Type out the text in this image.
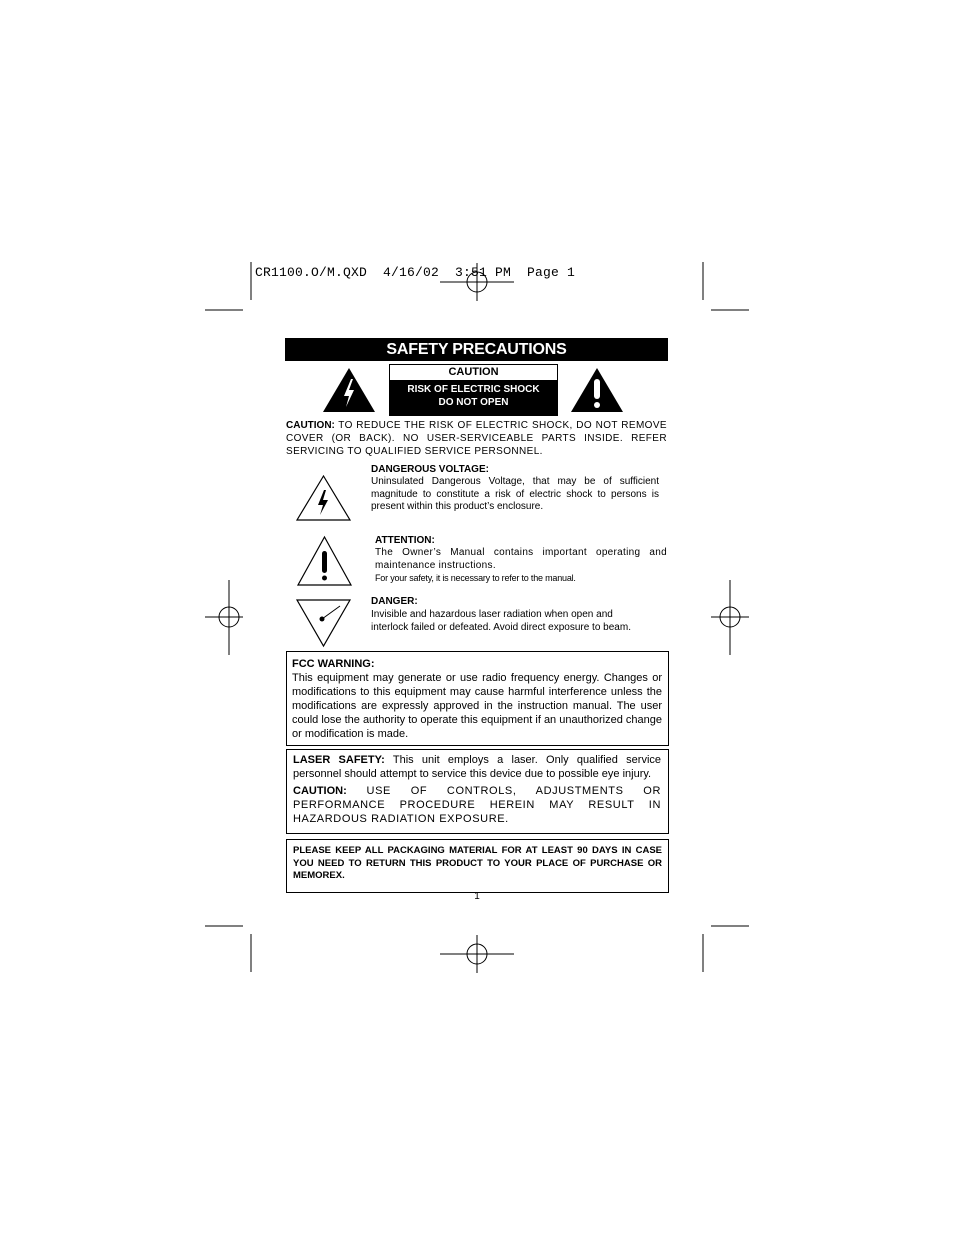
CR1100.O/M.QXD  4/16/02  3:51 PM  Page 1
SAFETY PRECAUTIONS
CAUTION
RISK OF ELECTRIC SHOCK
DO NOT OPEN
CAUTION: TO REDUCE THE RISK OF ELECTRIC SHOCK, DO NOT REMOVE COVER (OR BACK). NO USER-SERVICEABLE PARTS INSIDE. REFER SERVICING TO QUALIFIED SERVICE PERSONNEL.
DANGEROUS VOLTAGE:
Uninsulated Dangerous Voltage, that may be of sufficient magnitude to constitute a risk of electric shock to persons is present within this product’s enclosure.
ATTENTION:
The Owner’s Manual contains important operating and maintenance instructions.
For your safety, it is necessary to refer to the manual.
DANGER:
Invisible and hazardous laser radiation when open and
interlock failed or defeated. Avoid direct exposure to beam.
FCC WARNING:
This equipment may generate or use radio frequency energy. Changes or modifications to this equipment may cause harmful interference unless the modifications are expressly approved in the instruction manual. The user could lose the authority to operate this equipment if an unauthorized change or modification is made.
LASER SAFETY: This unit employs a laser. Only qualified service personnel should attempt to service this device due to possible eye injury.
CAUTION: USE OF CONTROLS, ADJUSTMENTS OR PERFORMANCE PROCEDURE HEREIN MAY RESULT IN HAZARDOUS RADIATION EXPOSURE.
PLEASE KEEP ALL PACKAGING MATERIAL FOR AT LEAST 90 DAYS IN CASE YOU NEED TO RETURN THIS PRODUCT TO YOUR PLACE OF PURCHASE OR MEMOREX.
1
